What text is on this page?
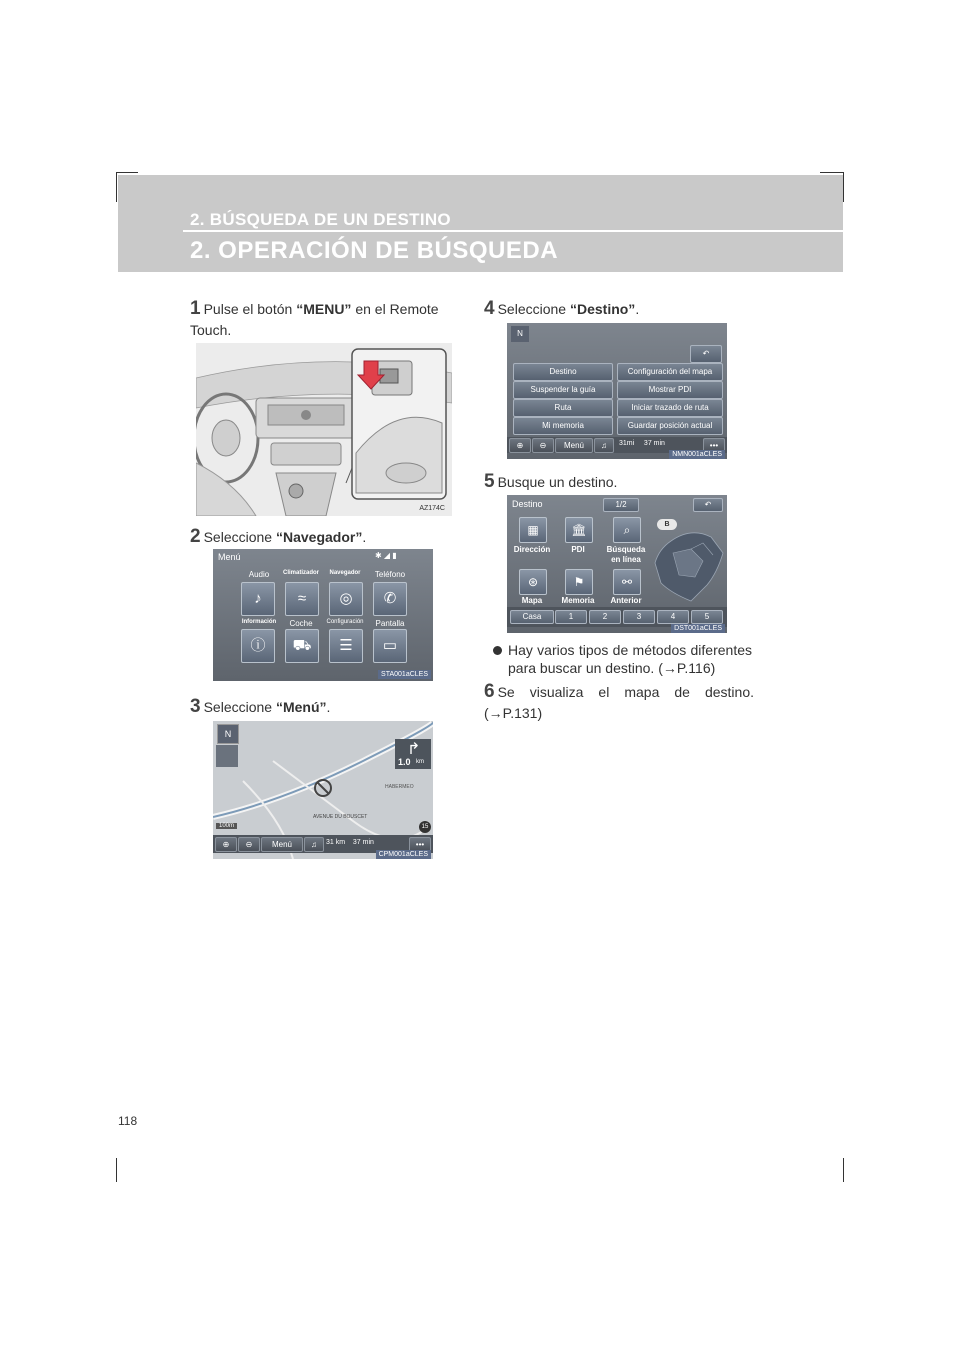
2. BÚSQUEDA DE UN DESTINO
2. OPERACIÓN DE BÚSQUEDA
1 Pulse el botón “MENU” en el Remote Touch.
AZ174C
2 Seleccione “Navegador”.
Menú	✱ ◢ ▮
Audio	Climatizador	Navegador	Teléfono
♪	≈	◎	✆
Información	Coche	Configuración	Pantalla
ⓘ	⛟	☰	▭
STA001aCLES
3 Seleccione “Menú”.
N
↱
1.0 km
HABERMEO
AVENUE DU BOUSCET
100m	15
⊕	⊖	Menú	♫	31 km 37 min	•••
CPM001aCLES
4 Seleccione “Destino”.
N
↶
Destino	Configuración del mapa
Suspender la guía	Mostrar PDI
Ruta	Iniciar trazado de ruta
Mi memoria	Guardar posición actual
⊕	⊖	Menú	♫	31mi 37 min	•••
NMN001aCLES
5 Busque un destino.
Destino	1/2	↶
▦	🏛	⌕
Dirección	PDI	Búsqueda en línea
⊛	⚑	⚯
Mapa	Memoria	Anterior
B
Casa	1	2	3	4	5
DST001aCLES
Hay varios tipos de métodos diferentes para buscar un destino. (→P.116)
6 Se visualiza el mapa de destino. (→P.131)
118
